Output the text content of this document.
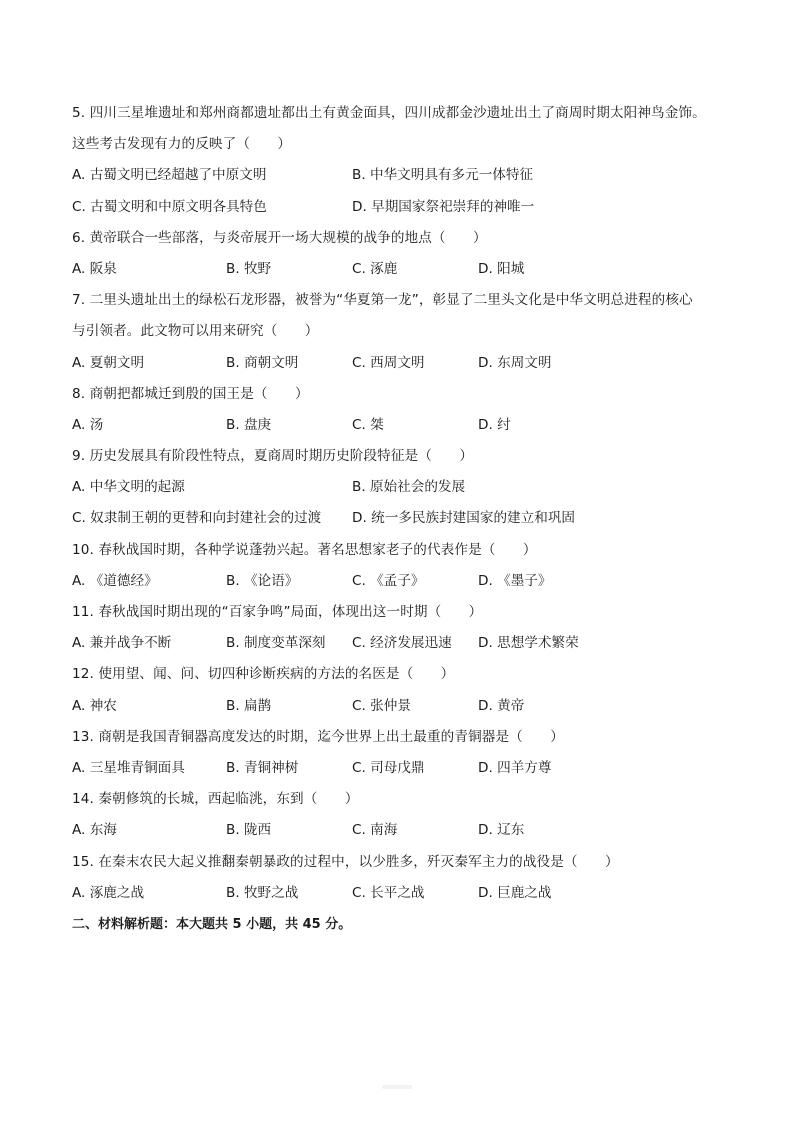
5. 四川三星堆遗址和郑州商都遗址都出土有黄金面具，四川成都金沙遗址出土了商周时期太阳神鸟金饰。
这些考古发现有力的反映了（　　）
A. 古蜀文明已经超越了中原文明	B. 中华文明具有多元一体特征
C. 古蜀文明和中原文明各具特色	D. 早期国家祭祀崇拜的神唯一
6. 黄帝联合一些部落，与炎帝展开一场大规模的战争的地点（　　）
A. 阪泉	B. 牧野	C. 涿鹿	D. 阳城
7. 二里头遗址出土的绿松石龙形器，被誉为“华夏第一龙”，彰显了二里头文化是中华文明总进程的核心
与引领者。此文物可以用来研究（　　）
A. 夏朝文明	B. 商朝文明	C. 西周文明	D. 东周文明
8. 商朝把都城迁到殷的国王是（　　）
A. 汤	B. 盘庚	C. 桀	D. 纣
9. 历史发展具有阶段性特点，夏商周时期历史阶段特征是（　　）
A. 中华文明的起源	B. 原始社会的发展
C. 奴隶制王朝的更替和向封建社会的过渡 D. 统一多民族封建国家的建立和巩固
10. 春秋战国时期，各种学说蓬勃兴起。著名思想家老子的代表作是（　　）
A. 《道德经》	B. 《论语》	C. 《孟子》	D. 《墨子》
11. 春秋战国时期出现的“百家争鸣”局面，体现出这一时期（　　）
A. 兼并战争不断	B. 制度变革深刻 C. 经济发展迅速 D. 思想学术繁荣
12. 使用望、闻、问、切四种诊断疾病的方法的名医是（　　）
A. 神农	B. 扁鹊	C. 张仲景	D. 黄帝
13. 商朝是我国青铜器高度发达的时期，迄今世界上出土最重的青铜器是（　　）
A. 三星堆青铜面具	B. 青铜神树	C. 司母戊鼎	D. 四羊方尊
14. 秦朝修筑的长城，西起临洮，东到（　　）
A. 东海	B. 陇西	C. 南海	D. 辽东
15. 在秦末农民大起义推翻秦朝暴政的过程中，以少胜多，歼灭秦军主力的战役是（　　）
A. 涿鹿之战	B. 牧野之战	C. 长平之战	D. 巨鹿之战
二、材料解析题：本大题共 5 小题，共 45 分。
